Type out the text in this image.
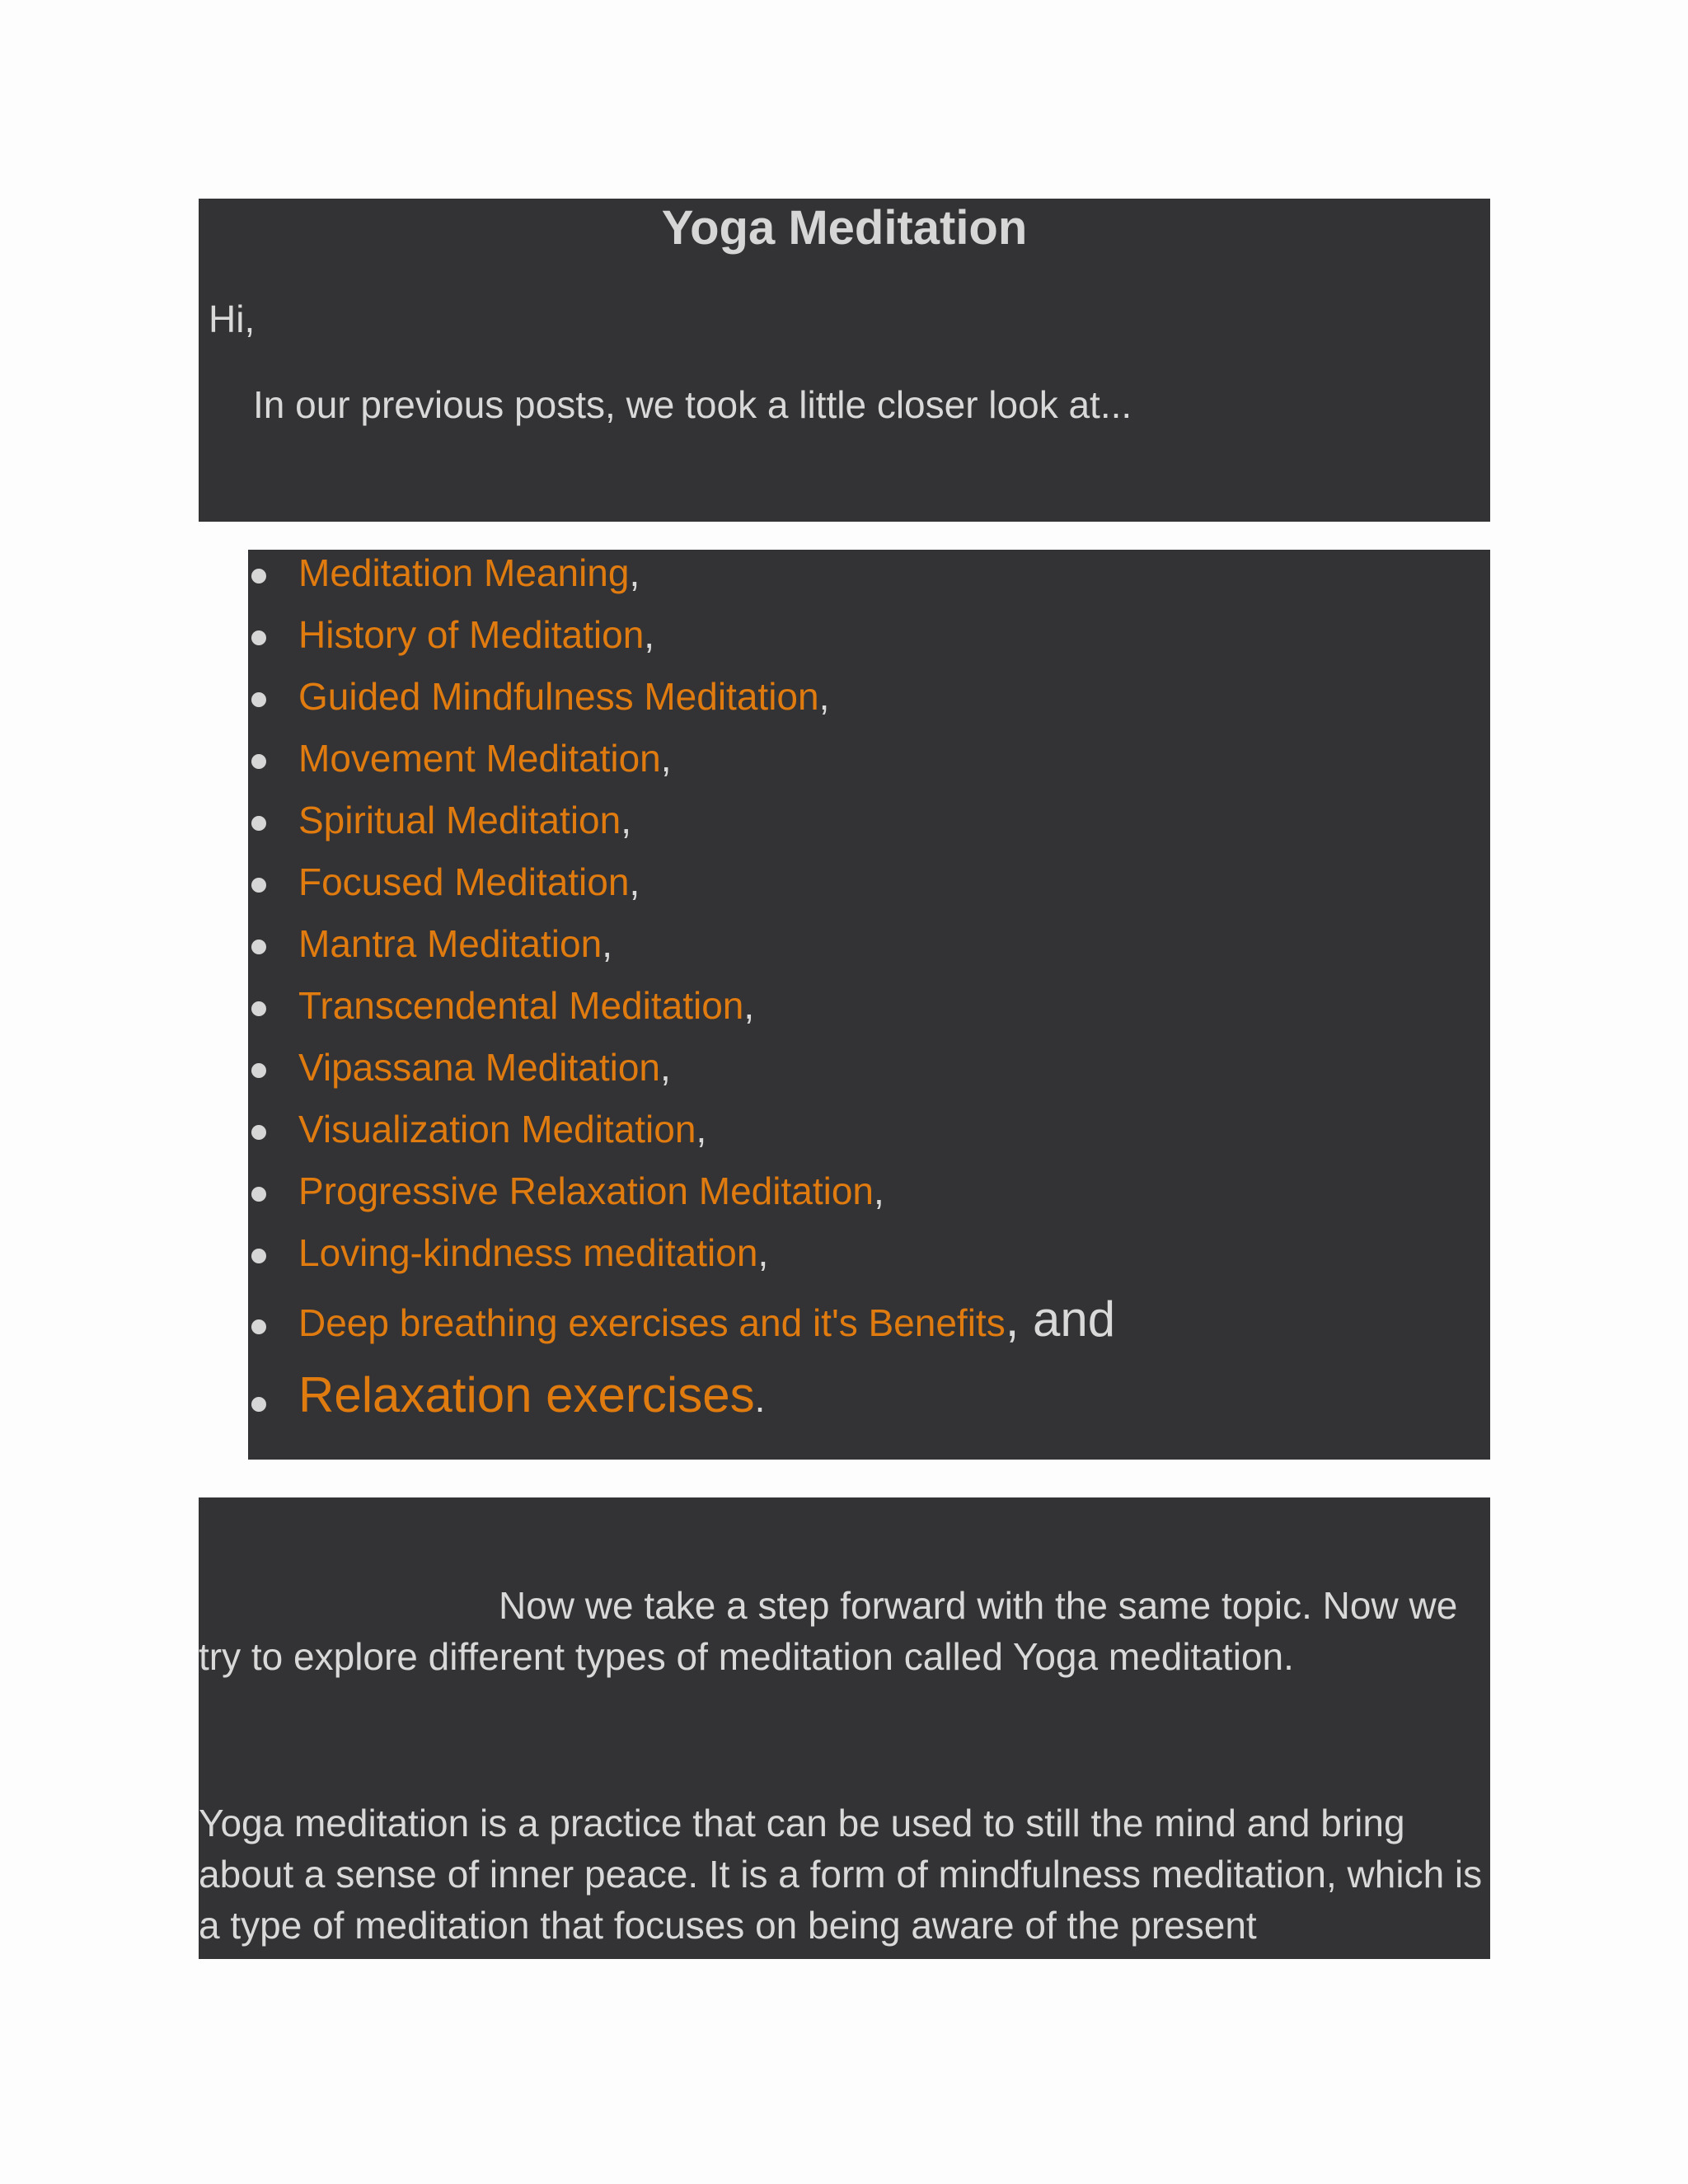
Yoga Meditation

Hi,

In our previous posts, we took a little closer look at...

Meditation Meaning,
History of Meditation,
Guided Mindfulness Meditation,
Movement Meditation,
Spiritual Meditation,
Focused Meditation,
Mantra Meditation,
Transcendental Meditation,
Vipassana Meditation,
Visualization Meditation,
Progressive Relaxation Meditation,
Loving-kindness meditation,
Deep breathing exercises and it's Benefits, and
Relaxation exercises.

Now we take a step forward with the same topic. Now we try to explore different types of meditation called Yoga meditation.

Yoga meditation is a practice that can be used to still the mind and bring about a sense of inner peace. It is a form of mindfulness meditation, which is a type of meditation that focuses on being aware of the present
